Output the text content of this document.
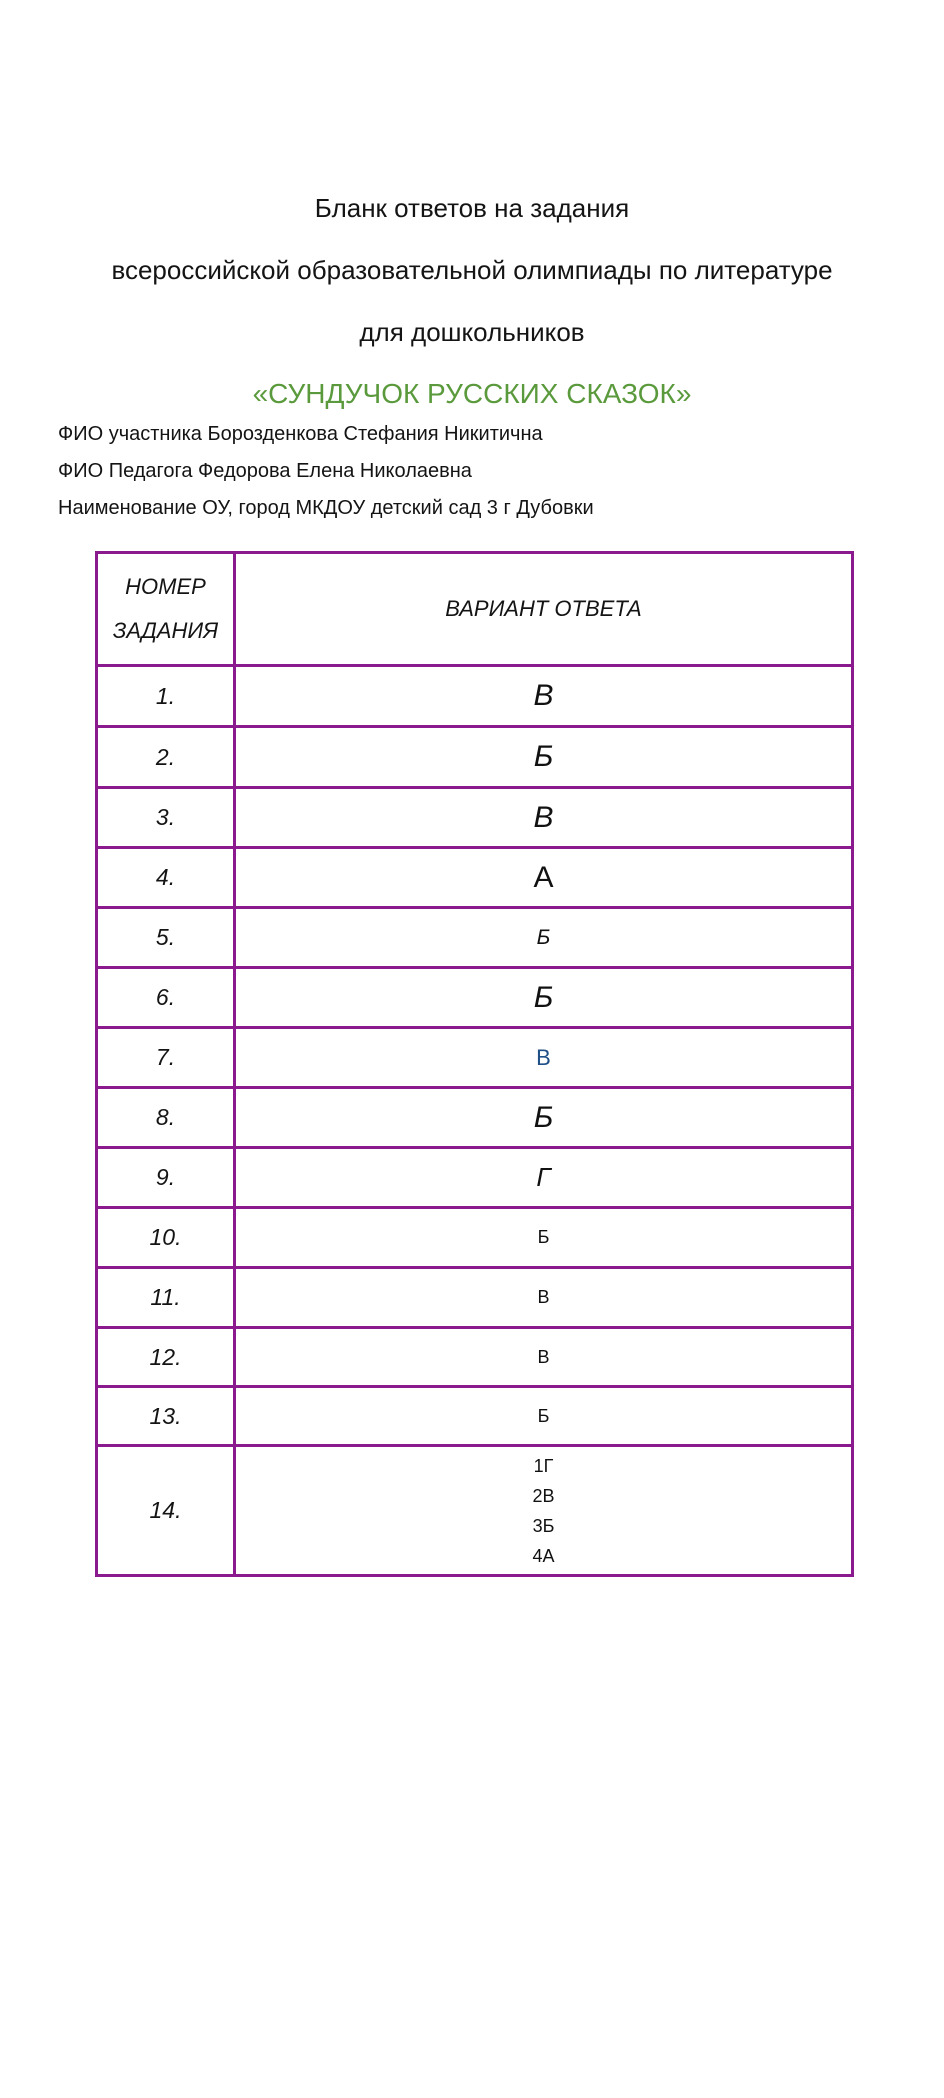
Бланк ответов на задания

всероссийской образовательной олимпиады по литературе

для дошкольников

«СУНДУЧОК РУССКИХ СКАЗОК»

ФИО участника Борозденкова Стефания Никитична
ФИО Педагога Федорова Елена Николаевна
Наименование ОУ, город МКДОУ детский сад 3 г Дубовки
НОМЕР
ЗАДАНИЯ	ВАРИАНТ ОТВЕТА
1.	В
2.	Б
3.	В
4.	А
5.	Б
6.	Б
7.	В
8.	Б
9.	Г
10.	Б
11.	В
12.	В
13.	Б
14.	1Г
2В
3Б
4А
